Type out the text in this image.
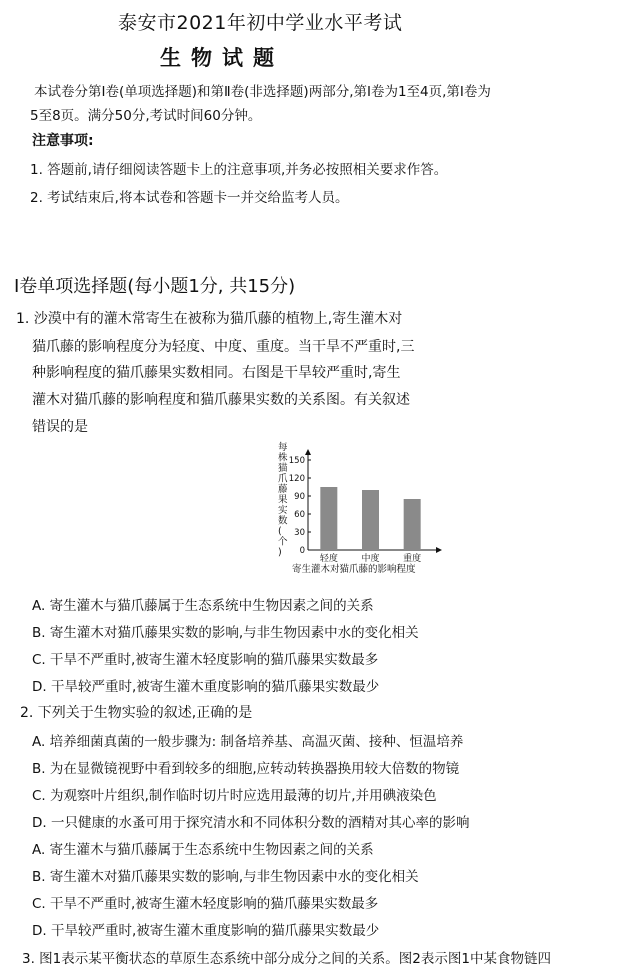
泰安市2021年初中学业水平考试
生物试题
本试卷分第Ⅰ卷(单项选择题)和第Ⅱ卷(非选择题)两部分,第Ⅰ卷为1至4页,第Ⅰ卷为
5至8页。满分50分,考试时间60分钟。
注意事项:
1. 答题前,请仔细阅读答题卡上的注意事项,并务必按照相关要求作答。
2. 考试结束后,将本试卷和答题卡一并交给监考人员。
Ⅰ卷单项选择题(每小题1分, 共15分)
1. 沙漠中有的灌木常寄生在被称为猫爪藤的植物上,寄生灌木对
猫爪藤的影响程度分为轻度、中度、重度。当干旱不严重时,三
种影响程度的猫爪藤果实数相同。右图是干旱较严重时,寄生
灌木对猫爪藤的影响程度和猫爪藤果实数的关系图。有关叙述
错误的是
每
株
猫
爪
藤
果
实
数
(
个
) 0
30
60
90
120
150
轻度	中度	重度
寄生灌木对猫爪藤的影响程度
A. 寄生灌木与猫爪藤属于生态系统中生物因素之间的关系
B. 寄生灌木对猫爪藤果实数的影响,与非生物因素中水的变化相关
C. 干旱不严重时,被寄生灌木轻度影响的猫爪藤果实数最多
D. 干旱较严重时,被寄生灌木重度影响的猫爪藤果实数最少
2. 下列关于生物实验的叙述,正确的是
A. 培养细菌真菌的一般步骤为: 制备培养基、高温灭菌、接种、恒温培养
B. 为在显微镜视野中看到较多的细胞,应转动转换器换用较大倍数的物镜
C. 为观察叶片组织,制作临时切片时应选用最薄的切片,并用碘液染色
D. 一只健康的水蚤可用于探究清水和不同体积分数的酒精对其心率的影响
A. 寄生灌木与猫爪藤属于生态系统中生物因素之间的关系
B. 寄生灌木对猫爪藤果实数的影响,与非生物因素中水的变化相关
C. 干旱不严重时,被寄生灌木轻度影响的猫爪藤果实数最多
D. 干旱较严重时,被寄生灌木重度影响的猫爪藤果实数最少
3. 图1表示某平衡状态的草原生态系统中部分成分之间的关系。图2表示图1中某食物链四
